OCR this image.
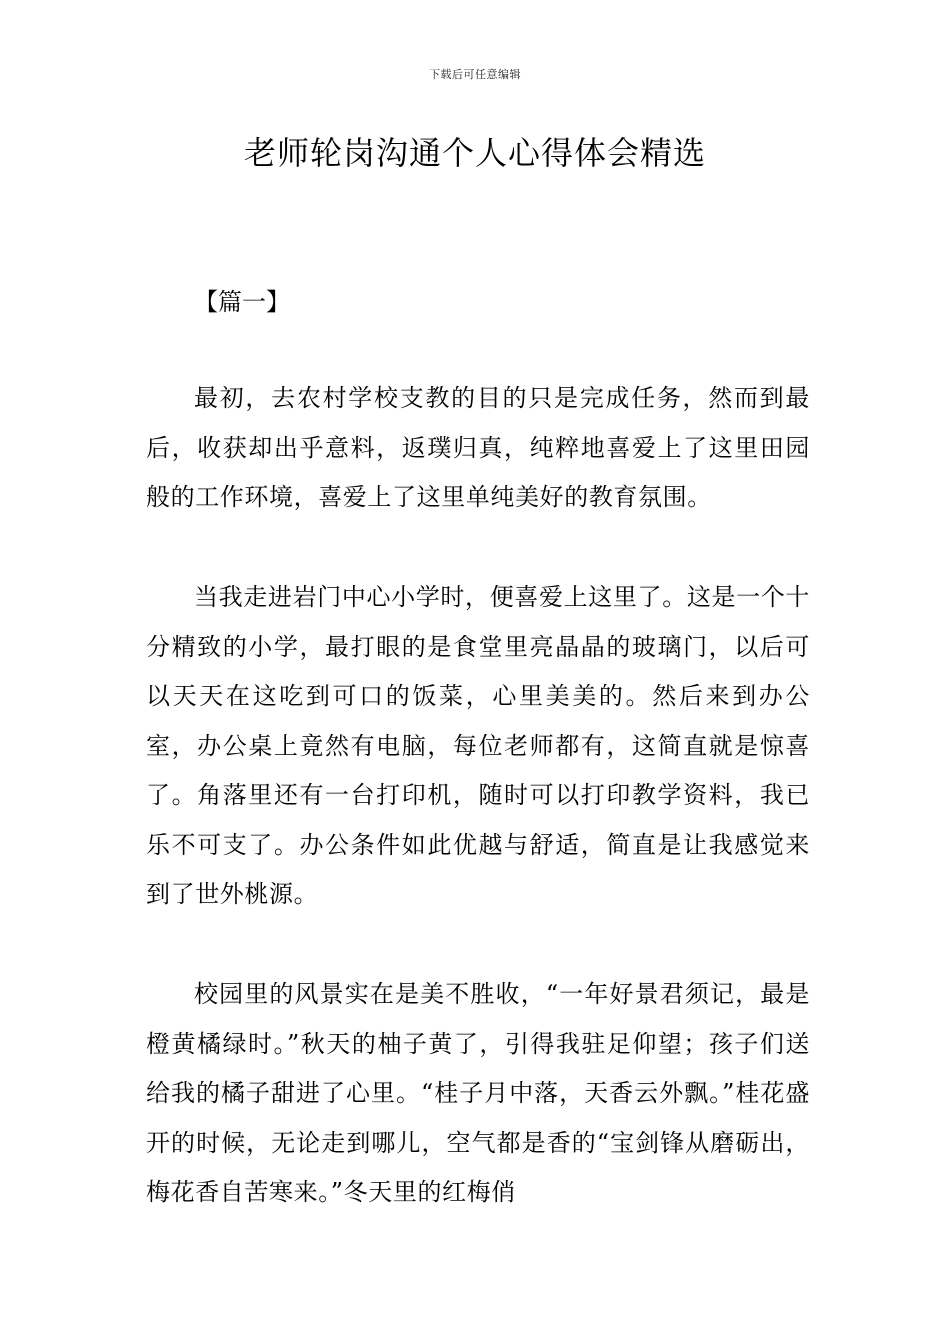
下载后可任意编辑
老师轮岗沟通个人心得体会精选
【篇一】

最初，去农村学校支教的目的只是完成任务，然而到最后，收获却出乎意料，返璞归真，纯粹地喜爱上了这里田园般的工作环境，喜爱上了这里单纯美好的教育氛围。

当我走进岩门中心小学时，便喜爱上这里了。这是一个十分精致的小学，最打眼的是食堂里亮晶晶的玻璃门，以后可以天天在这吃到可口的饭菜，心里美美的。然后来到办公室，办公桌上竟然有电脑，每位老师都有，这简直就是惊喜了。角落里还有一台打印机，随时可以打印教学资料，我已乐不可支了。办公条件如此优越与舒适，简直是让我感觉来到了世外桃源。

校园里的风景实在是美不胜收，“一年好景君须记，最是橙黄橘绿时。”秋天的柚子黄了，引得我驻足仰望；孩子们送给我的橘子甜进了心里。“桂子月中落，天香云外飘。”桂花盛开的时候，无论走到哪儿，空气都是香的“宝剑锋从磨砺出，梅花香自苦寒来。”冬天里的红梅俏
